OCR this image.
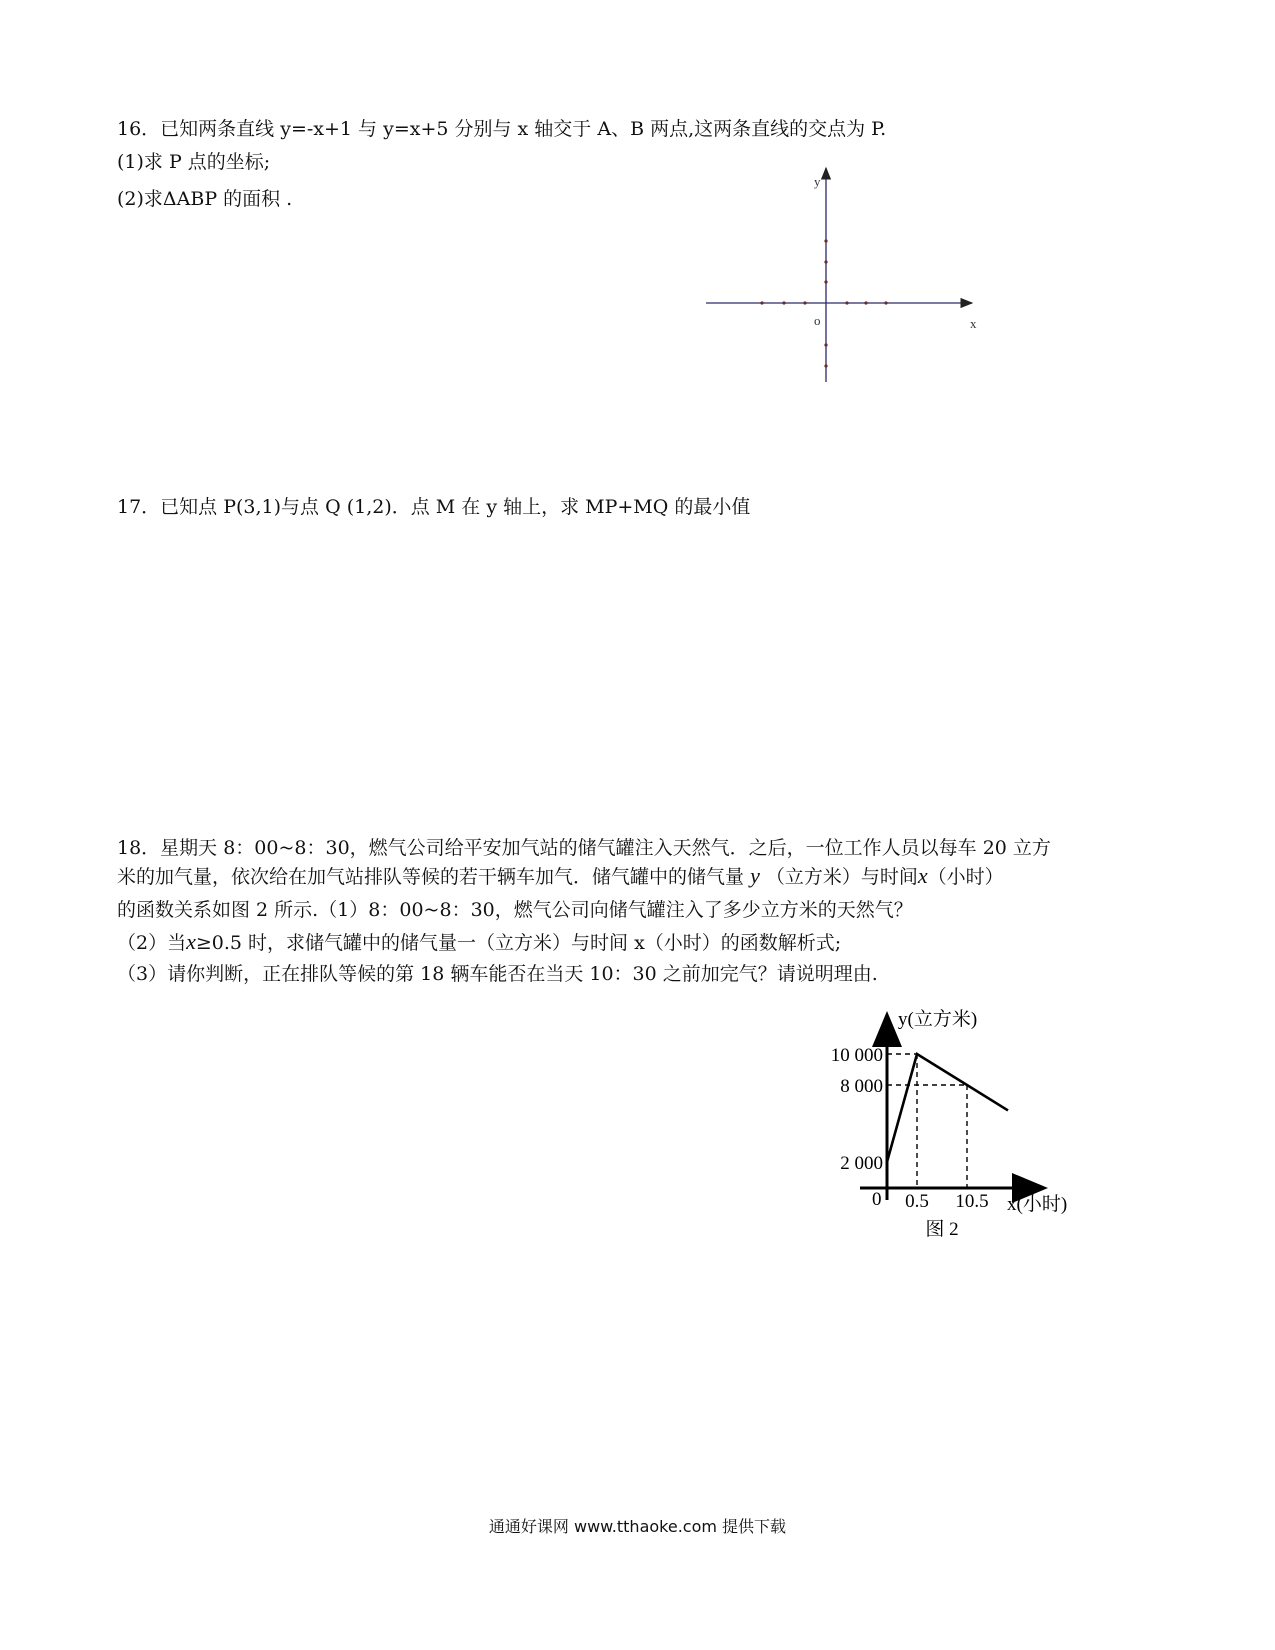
16．已知两条直线 y=-x+1 与 y=x+5 分别与 x 轴交于 A、B 两点,这两条直线的交点为 P.
(1)求 P 点的坐标;
(2)求ΔABP 的面积 .
y
x
o
17．已知点 P(3,1)与点 Q (1,2)．点 M 在 y 轴上，求 MP+MQ 的最小值
18．星期天 8：00~8：30，燃气公司给平安加气站的储气罐注入天然气．之后，一位工作人员以每车 20 立方
米的加气量，依次给在加气站排队等候的若干辆车加气．储气罐中的储气量 y （立方米）与时间x（小时）
的函数关系如图 2 所示.（1）8：00~8：30，燃气公司向储气罐注入了多少立方米的天然气？
（2）当x≥0.5 时，求储气罐中的储气量一（立方米）与时间 x（小时）的函数解析式;
（3）请你判断，正在排队等候的第 18 辆车能否在当天 10：30 之前加完气？请说明理由.
y(立方米)
x(小时)
0
10 000
8 000
2 000
0.5 10.5
图 2
通通好课网 www.tthaoke.com 提供下载
